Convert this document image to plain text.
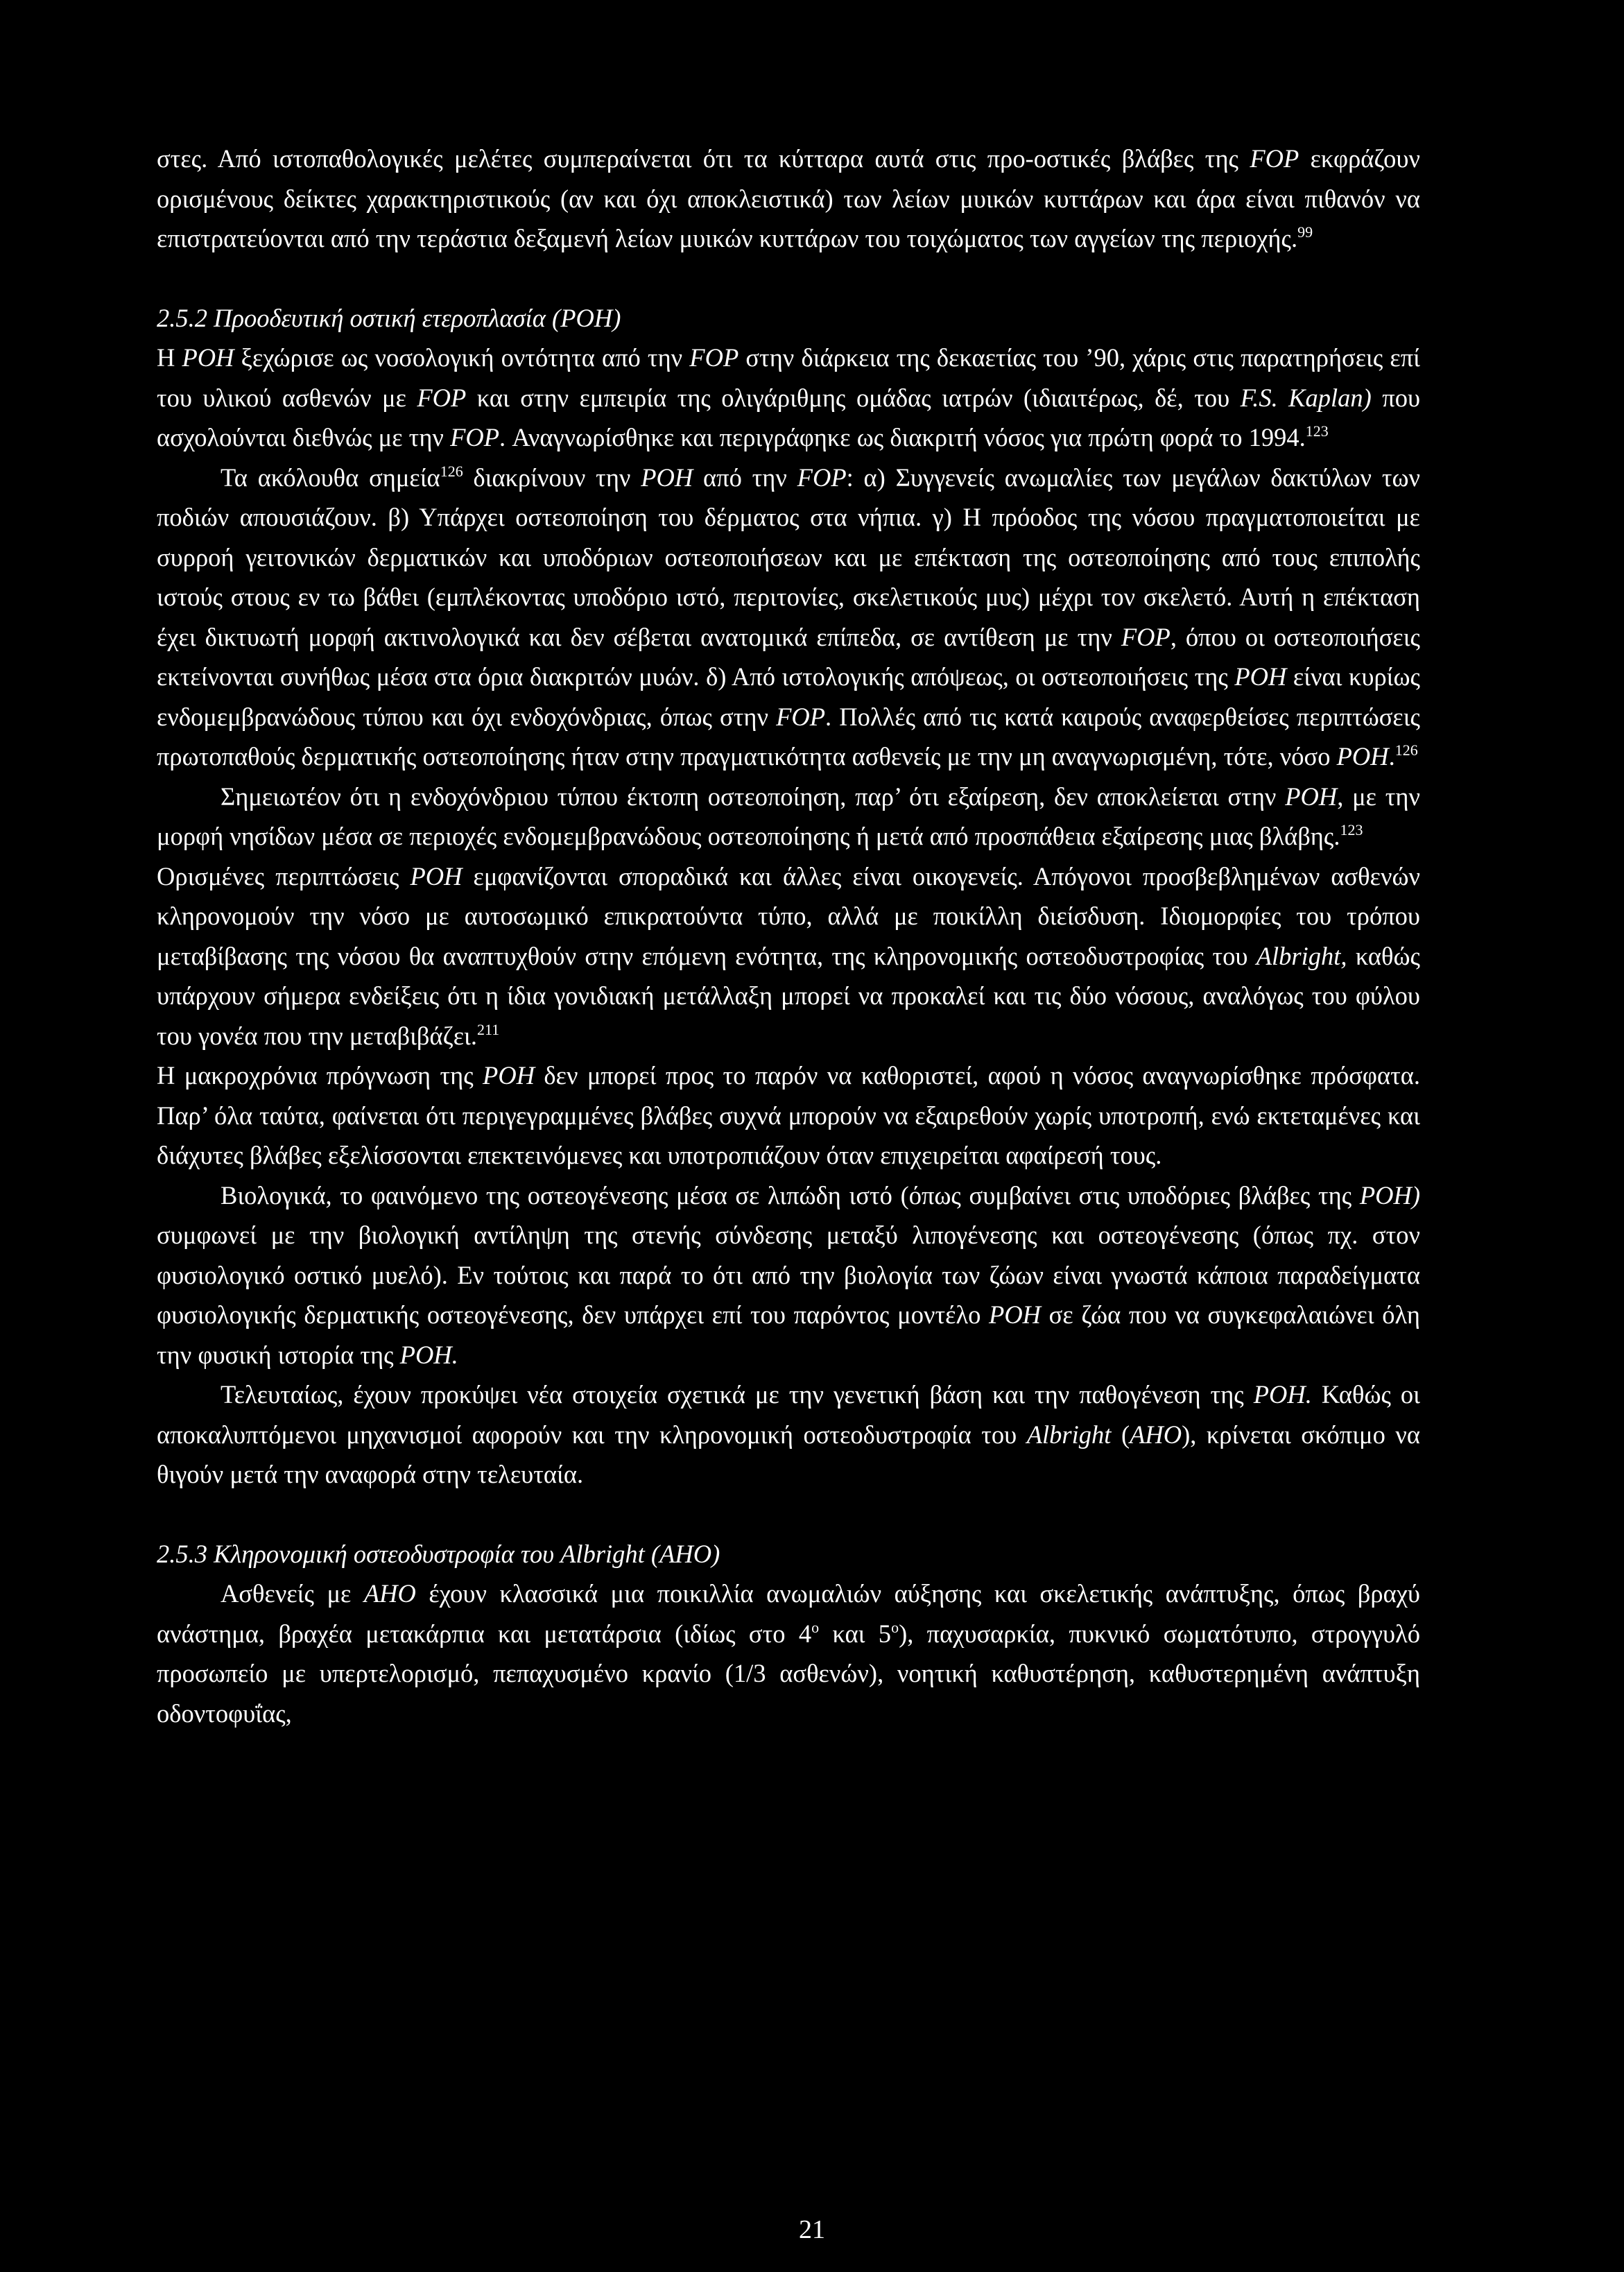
στες. Από ιστοπαθολογικές μελέτες συμπεραίνεται ότι τα κύτταρα αυτά στις προ-οστικές βλάβες της FOP εκφράζουν ορισμένους δείκτες χαρακτηριστικούς (αν και όχι αποκλειστικά) των λείων μυικών κυττάρων και άρα είναι πιθανόν να επιστρατεύονται από την τεράστια δεξαμενή λείων μυικών κυττάρων του τοιχώματος των αγγείων της περιοχής.$^{99}$

2.5.2 Προοδευτική οστική ετεροπλασία (POH)

Η POH ξεχώρισε ως νοσολογική οντότητα από την FOP στην διάρκεια της δεκαετίας του ’90, χάρις στις παρατηρήσεις επί του υλικού ασθενών με FOP και στην εμπειρία της ολιγάριθμης ομάδας ιατρών (ιδιαιτέρως, δέ, του F.S. Kaplan) που ασχολούνται διεθνώς με την FOP. Αναγνωρίσθηκε και περιγράφηκε ως διακριτή νόσος για πρώτη φορά το 1994.$^{123}$

Τα ακόλουθα σημεία$^{126}$ διακρίνουν την POH από την FOP: α) Συγγενείς ανωμαλίες των μεγάλων δακτύλων των ποδιών απουσιάζουν. β) Υπάρχει οστεοποίηση του δέρματος στα νήπια. γ) Η πρόοδος της νόσου πραγματοποιείται με συρροή γειτονικών δερματικών και υποδόριων οστεοποιήσεων και με επέκταση της οστεοποίησης από τους επιπολής ιστούς στους εν τω βάθει (εμπλέκοντας υποδόριο ιστό, περιτονίες, σκελετικούς μυς) μέχρι τον σκελετό. Αυτή η επέκταση έχει δικτυωτή μορφή ακτινολογικά και δεν σέβεται ανατομικά επίπεδα, σε αντίθεση με την FOP, όπου οι οστεοποιήσεις εκτείνονται συνήθως μέσα στα όρια διακριτών μυών. δ) Από ιστολογικής απόψεως, οι οστεοποιήσεις της POH είναι κυρίως ενδομεμβρανώδους τύπου και όχι ενδοχόνδριας, όπως στην FOP. Πολλές από τις κατά καιρούς αναφερθείσες περιπτώσεις πρωτοπαθούς δερματικής οστεοποίησης ήταν στην πραγματικότητα ασθενείς με την μη αναγνωρισμένη, τότε, νόσο POH.$^{126}$

Σημειωτέον ότι η ενδοχόνδριου τύπου έκτοπη οστεοποίηση, παρ’ ότι εξαίρεση, δεν αποκλείεται στην POH, με την μορφή νησίδων μέσα σε περιοχές ενδομεμβρανώδους οστεοποίησης ή μετά από προσπάθεια εξαίρεσης μιας βλάβης.$^{123}$

Ορισμένες περιπτώσεις POH εμφανίζονται σποραδικά και άλλες είναι οικογενείς. Απόγονοι προσβεβλημένων ασθενών κληρονομούν την νόσο με αυτοσωμικό επικρατούντα τύπο, αλλά με ποικίλλη διείσδυση. Ιδιομορφίες του τρόπου μεταβίβασης της νόσου θα αναπτυχθούν στην επόμενη ενότητα, της κληρονομικής οστεοδυστροφίας του Albright, καθώς υπάρχουν σήμερα ενδείξεις ότι η ίδια γονιδιακή μετάλλαξη μπορεί να προκαλεί και τις δύο νόσους, αναλόγως του φύλου του γονέα που την μεταβιβάζει.$^{211}$

Η μακροχρόνια πρόγνωση της POH δεν μπορεί προς το παρόν να καθοριστεί, αφού η νόσος αναγνωρίσθηκε πρόσφατα. Παρ’ όλα ταύτα, φαίνεται ότι περιγεγραμμένες βλάβες συχνά μπορούν να εξαιρεθούν χωρίς υποτροπή, ενώ εκτεταμένες και διάχυτες βλάβες εξελίσσονται επεκτεινόμενες και υποτροπιάζουν όταν επιχειρείται αφαίρεσή τους.

Βιολογικά, το φαινόμενο της οστεογένεσης μέσα σε λιπώδη ιστό (όπως συμβαίνει στις υποδόριες βλάβες της POH) συμφωνεί με την βιολογική αντίληψη της στενής σύνδεσης μεταξύ λιπογένεσης και οστεογένεσης (όπως πχ. στον φυσιολογικό οστικό μυελό). Εν τούτοις και παρά το ότι από την βιολογία των ζώων είναι γνωστά κάποια παραδείγματα φυσιολογικής δερματικής οστεογένεσης, δεν υπάρχει επί του παρόντος μοντέλο POH σε ζώα που να συγκεφαλαιώνει όλη την φυσική ιστορία της POH.

Τελευταίως, έχουν προκύψει νέα στοιχεία σχετικά με την γενετική βάση και την παθογένεση της POH. Καθώς οι αποκαλυπτόμενοι μηχανισμοί αφορούν και την κληρονομική οστεοδυστροφία του Albright (AHO), κρίνεται σκόπιμο να θιγούν μετά την αναφορά στην τελευταία.

2.5.3 Κληρονομική οστεοδυστροφία του Albright (AHO)

Ασθενείς με AHO έχουν κλασσικά μια ποικιλλία ανωμαλιών αύξησης και σκελετικής ανάπτυξης, όπως βραχύ ανάστημα, βραχέα μετακάρπια και μετατάρσια (ιδίως στο $4^o$ και $5^o$), παχυσαρκία, πυκνικό σωματότυπο, στρογγυλό προσωπείο με υπερτελορισμό, πεπαχυσμένο κρανίο (1/3 ασθενών), νοητική καθυστέρηση, καθυστερημένη ανάπτυξη οδοντοφυΐας,

21
